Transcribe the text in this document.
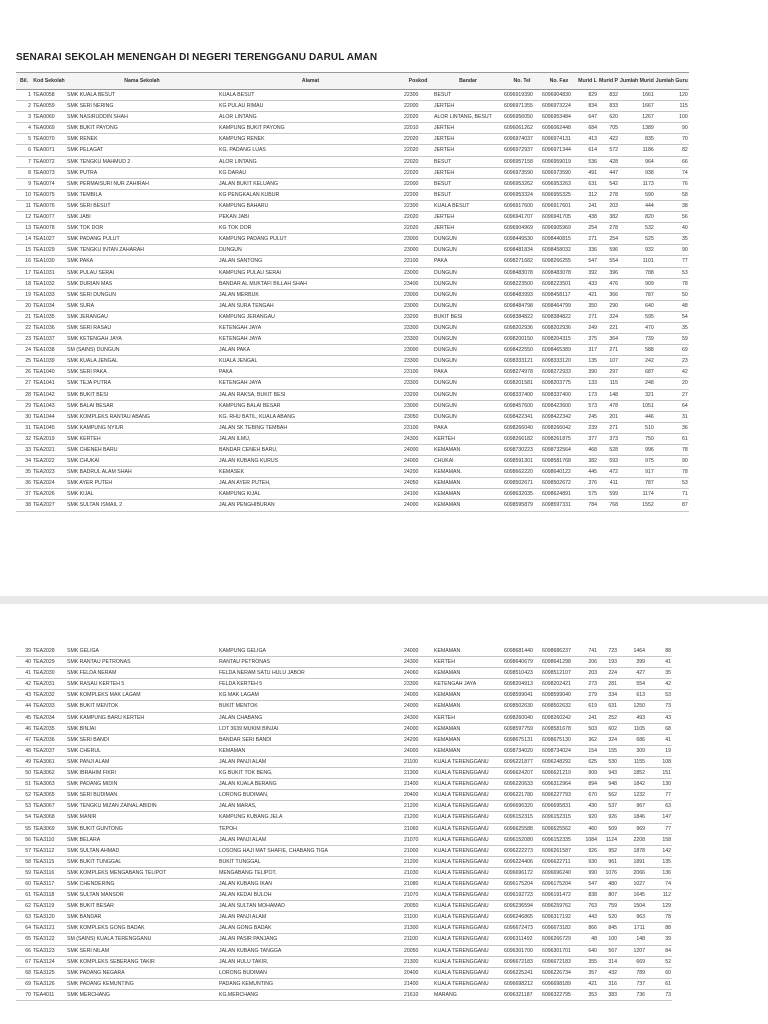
SENARAI SEKOLAH MENENGAH DI NEGERI TERENGGANU DARUL AMAN
Bil.	Kod Sekolah	Nama Sekolah	Alamat	Poskod	Bandar	No. Tel	No. Fax	Murid L	Murid P	Jumlah Murid	Jumlah Guru
1	TEA0058	SMK KUALA BESUT	KUALA BESUT	22300	BESUT	6096919390	6096904830	829	832	1661	120
2	TEA0059	SMK SERI NERING	KG PULAU RIMAU	22000	JERTEH	6096971355	6096973224	834	833	1667	115
3	TEA0060	SMK NASIRUDDIN SHAH	ALOR LINTANG	22020	ALOR LINTANG, BESUT	6096956050	6096953484	647	620	1267	100
4	TEA0069	SMK BUKIT PAYONG	KAMPUNG BUKIT PAYONG	22010	JERTEH	6096061262	6096062448	684	705	1389	90
5	TEA0070	SMK RENEK	KAMPUNG RENEK	22020	JERTEH	6096974037	6096974131	413	422	835	70
6	TEA0071	SMK PELAGAT	KG. PADANG LUAS	22020	JERTEH	6096972937	6096971344	614	572	1186	82
7	TEA0072	SMK TENGKU MAHMUD 2	ALOR LINTANG	22020	BESUT	6096957158	6096959019	536	428	964	66
8	TEA0073	SMK PUTRA	KG DARAU	22020	JERTEH	6096973590	6096973590	491	447	938	74
9	TEA0074	SMK PERMAISURI NUR ZAHIRAH	JALAN BUKIT KELUANG	22000	BESUT	6096953262	6096953263	631	542	1173	76
10	TEA0075	SMK TEMBILA	KG PENGKALAN KUBUR	22200	BESUT	6096953324	6096955325	312	278	590	58
11	TEA0076	SMK SERI BESUT	KAMPUNG BAHARU	22300	KUALA BESUT	6096917600	6096917601	241	203	444	38
12	TEA0077	SMK JABI	PEKAN JABI	22020	JERTEH	6096941707	6096941705	438	382	820	56
13	TEA0078	SMK TOK DOR	KG TOK DOR	22020	JERTEH	6096904969	6096905969	254	278	532	40
14	TEA1027	SMK PADANG PULUT	KAMPUNG PADANG PULUT	23000	DUNGUN	6098449530	6098440815	271	254	525	35
15	TEA1029	SMK TENGKU INTAN ZAHARAH	DUNGUN	23000	DUNGUN	6098481834	6098458032	336	596	932	90
16	TEA1030	SMK PAKA	JALAN SANTONG	23100	PAKA	6098271682	6098266255	547	554	1101	77
17	TEA1031	SMK PULAU SERAI	KAMPUNG PULAU SERAI	23000	DUNGUN	6098483078	6098483078	392	396	788	53
18	TEA1032	SMK DURIAN MAS	BANDAR AL MUKTAFI BILLAH SHAH	23400	DUNGUN	6098223500	6098223501	433	476	909	78
19	TEA1033	SMK SERI DUNGUN	JALAN MERBUK	23000	DUNGUN	6098483993	6098458117	421	366	787	50
20	TEA1034	SMK SURA	JALAN SURA TENGAH	23000	DUNGUN	6098484798	6098464799	350	290	640	48
21	TEA1035	SMK JERANGAU	KAMPUNG JERANGAU	23200	BUKIT BESI	6098384822	6098384822	271	324	595	54
22	TEA1036	SMK SERI RASAU	KETENGAH JAYA	23300	DUNGUN	6098202936	6098202936	249	221	470	35
23	TEA1037	SMK KETENGAH JAYA	KETENGAH JAYA	23300	DUNGUN	6098200150	6098204315	375	364	739	59
24	TEA1038	SM (SAINS) DUNGUN	JALAN PAKA	23000	DUNGUN	6098422550	6098465389	317	271	588	69
25	TEA1039	SMK KUALA JENGAL	KUALA JENGAL	23300	DUNGUN	6098333121	6098333120	135	107	242	23
26	TEA1040	SMK SERI PAKA	PAKA	23100	PAKA	6098274978	6098272933	390	297	687	42
27	TEA1041	SMK TEJA PUTRA	KETENGAH JAYA	23300	DUNGUN	6098201581	6098203775	133	115	248	20
28	TEA1042	SMK BUKIT BESI	JALAN RAKSA, BUKIT BESI	23200	DUNGUN	6098337400	6098337400	173	148	321	27
29	TEA1043	SMK BALAI BESAR	KAMPUNG BALAI BESAR	23000	DUNGUN	6098457600	6098423600	573	478	1051	64
30	TEA1044	SMK KOMPLEKS RANTAU ABANG	KG. RHU BATIL, KUALA ABANG	23050	DUNGUN	6098422341	6098422342	245	201	446	31
31	TEA1045	SMK KAMPUNG NYIUR	JALAN SK TEBING TEMBAH	23100	PAKA	6098266040	6098266042	239	271	510	36
32	TEA2019	SMK KERTEH	JALAN ILMU,	24300	KERTEH	6098266182	6098261875	377	373	750	61
33	TEA2021	SMK CHENEH BARU	BANDAR CENEH BARU,	24000	KEMAMAN	6098730223	6098732564	468	528	996	78
34	TEA2022	SMK CHUKAI	JALAN KUBANG KURUS	24000	CHUKAI	6098591301	6098581768	382	593	975	90
35	TEA2023	SMK BADRUL ALAM SHAH	KEMASEK	24200	KEMAMAN.	6098662220	6098640122	445	472	917	78
36	TEA2024	SMK AYER PUTEH	JALAN AYER PUTEH,	24050	KEMAMAN	6098502671	6098502672	376	411	787	53
37	TEA2026	SMK KIJAL	KAMPUNG KIJAL	24100	KEMAMAN	6098632035	6098624891	575	599	1174	71
38	TEA2027	SMK SULTAN ISMAIL 2	JALAN PENGHIBURAN	24000	KEMAMAN	6098595879	6098597331	784	768	1552	87
39	TEA2028	SMK GELIGA	KAMPUNG GELIGA	24000	KEMAMAN	6098681440	6098686237	741	723	1464	88
40	TEA2029	SMK RANTAU PETRONAS	RANTAU PETRONAS	24300	KERTEH	6098640679	6098641298	206	193	399	41
41	TEA2030	SMK FELDA NERAM	FELDA NERAM SATU HULU JABOR	24060	KEMAMAN	6098510423	6098512107	203	224	427	35
42	TEA2031	SMK RASAU KERTEH 5	FELDA KERTEH 5	23300	KETENGAH JAYA	6098204913	6098202421	273	281	554	42
43	TEA2032	SMK KOMPLEKS MAK LAGAM	KG MAK LAGAM	24000	KEMAMAN	6098599041	6098599040	279	334	613	53
44	TEA2033	SMK BUKIT MENTOK	BUKIT MENTOK	24000	KEMAMAN	6098502630	6098502632	619	631	1250	73
45	TEA2034	SMK KAMPUNG BARU KERTEH	JALAN CHABANG	24300	KERTEH	6098260040	6098260242	241	252	493	43
46	TEA2035	SMK BINJAI	LOT 3639 MUKIM BINJAI	24000	KEMAMAN	6098597759	6098581678	503	602	1105	68
47	TEA2036	SMK SERI BANDI	BANDAR SERI BANDI	24200	KEMAMAN	6098675131	6098675130	362	324	686	41
48	TEA2037	SMK CHERUL	KEMAMAN	24000	KEMAMAN	6098734020	6098734024	154	155	309	19
49	TEA3061	SMK PANJI ALAM	JALAN PANJI ALAM	21100	KUALA TERENGGANU	6096221877	6096248292	625	530	1155	108
50	TEA3062	SMK IBRAHIM FIKRI	KG BUKIT TOK BENG,	21300	KUALA TERENGGANU	6096624207	6096621219	909	943	1852	151
51	TEA3063	SMK PADANG MIDIN	JALAN KUALA BERANG	21400	KUALA TERENGGANU	6096220633	6096312964	894	948	1842	130
52	TEA3065	SMK SERI BUDIMAN	LORONG BUDIMAN,	20400	KUALA TERENGGANU	6096221780	6096227793	670	562	1232	77
53	TEA3067	SMK TENGKU MIZAN ZAINAL ABIDIN	JALAN MARAS,	21200	KUALA TERENGGANU	6096696320	6096695831	430	537	967	63
54	TEA3068	SMK MANIR	KAMPUNG KUBANG JELA	21200	KUALA TERENGGANU	6096152315	6096152315	920	926	1846	147
55	TEA3069	SMK BUKIT GUNTONG	TEPOH	21060	KUALA TERENGGANU	6096625588	6096625562	460	509	969	77
56	TEA3110	SMK BELARA	JALAN PANJI ALAM	21070	KUALA TERENGGANU	6096152080	6096152335	1084	1124	2208	158
57	TEA3112	SMK SULTAN AHMAD	LOSONG HAJI MAT SHAFIE, CHABANG TIGA	21000	KUALA TERENGGANU	6096222273	6096261587	926	952	1878	142
58	TEA3115	SMK BUKIT TUNGGAL	BUKIT TUNGGAL	21200	KUALA TERENGGANU	6096224406	6096622711	930	961	1891	135
59	TEA3116	SMK KOMPLEKS MENGABANG TELIPOT	MENGABANG TELIPOT,	21030	KUALA TERENGGANU	6096696172	6096696240	990	1076	2066	136
60	TEA3117	SMK CHENDERING	JALAN KUBANG IKAN	21080	KUALA TERENGGANU	6096175204	6096175204	547	480	1027	74
61	TEA3118	SMK SULTAN MANSOR	JALAN KEDAI BULOH	21070	KUALA TERENGGANU	6096192723	6096191472	838	807	1645	112
62	TEA3119	SMK BUKIT BESAR	JALAN SULTAN MOHAMAD	20050	KUALA TERENGGANU	6096236594	6096259762	763	759	1504	129
63	TEA3120	SMK BANDAR	JALAN PANJI ALAM	21100	KUALA TERENGGANU	6096246865	6096317192	443	520	963	78
64	TEA3121	SMK KOMPLEKS GONG BADAK	JALAN GONG BADAK	21300	KUALA TERENGGANU	6096672473	6096673182	866	845	1711	88
65	TEA3122	SM (SAINS) KUALA TERENGGANU	JALAN PASIR PANJANG	21100	KUALA TERENGGANU	6096311492	6096266729	48	100	148	39
66	TEA3123	SMK SERI NILAM	JALAN KUBANG TANGGA	20050	KUALA TERENGGANU	6096301700	6096301701	640	567	1207	84
67	TEA3124	SMK KOMPLEKS SEBERANG TAKIR	JALAN HULU TAKIR,	21300	KUALA TERENGGANU	6096672183	6096672183	355	314	669	52
68	TEA3125	SMK PADANG NEGARA	LORONG BUDIMAN	20400	KUALA TERENGGANU	6096225241	6096226734	357	432	789	60
69	TEA3126	SMK PADANG KEMUNTING	PADANG KEMUNTING	21400	KUALA TERENGGANU	6096698212	6096698189	421	316	737	61
70	TEA4011	SMK MERCHANG	KG.MERCHANG	21610	MARANG	6096321187	6096322795	353	383	736	73
